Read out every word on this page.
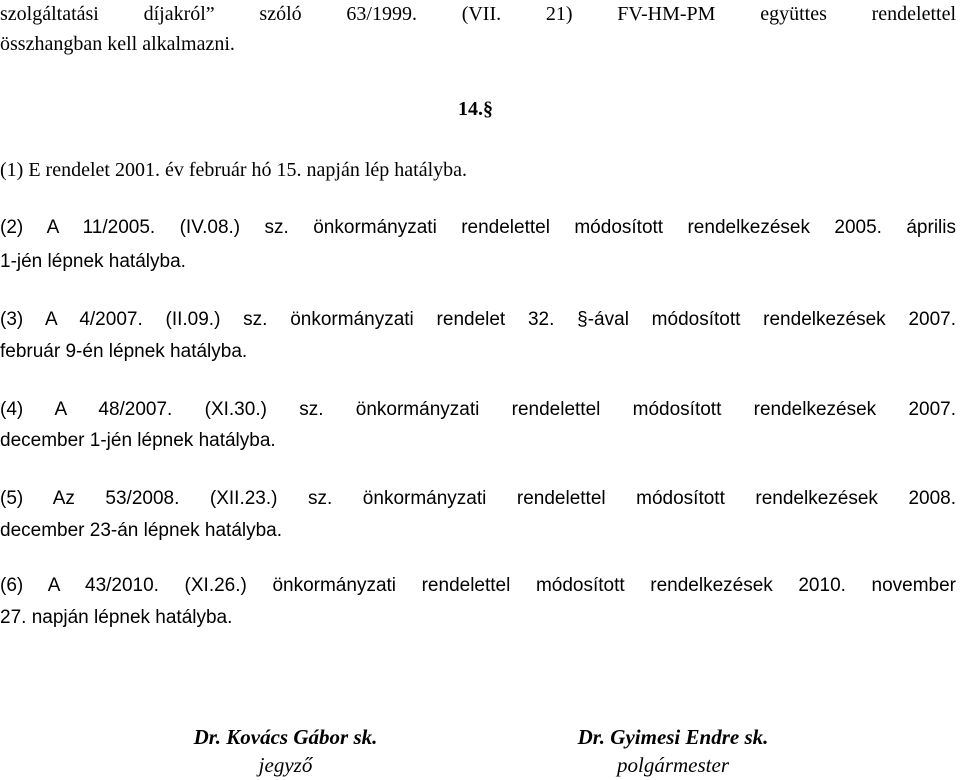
szolgáltatási díjakról” szóló 63/1999. (VII. 21) FV-HM-PM együttes rendelettel

összhangban kell alkalmazni.

14.§

(1) E rendelet 2001. év február hó 15. napján lép hatályba.

(2) A 11/2005. (IV.08.) sz. önkormányzati rendelettel módosított rendelkezések 2005. április

1-jén lépnek hatályba.

(3) A 4/2007. (II.09.) sz. önkormányzati rendelet 32. §-ával módosított rendelkezések 2007.

február 9-én lépnek hatályba.

(4) A 48/2007. (XI.30.) sz. önkormányzati rendelettel módosított rendelkezések 2007.

december 1-jén lépnek hatályba.

(5) Az 53/2008. (XII.23.) sz. önkormányzati rendelettel módosított rendelkezések 2008.

december 23-án lépnek hatályba.

(6) A 43/2010. (XI.26.) önkormányzati rendelettel módosított rendelkezések 2010. november

27. napján lépnek hatályba.

Dr. Kovács Gábor sk.
jegyző
Dr. Gyimesi Endre sk.
polgármester
